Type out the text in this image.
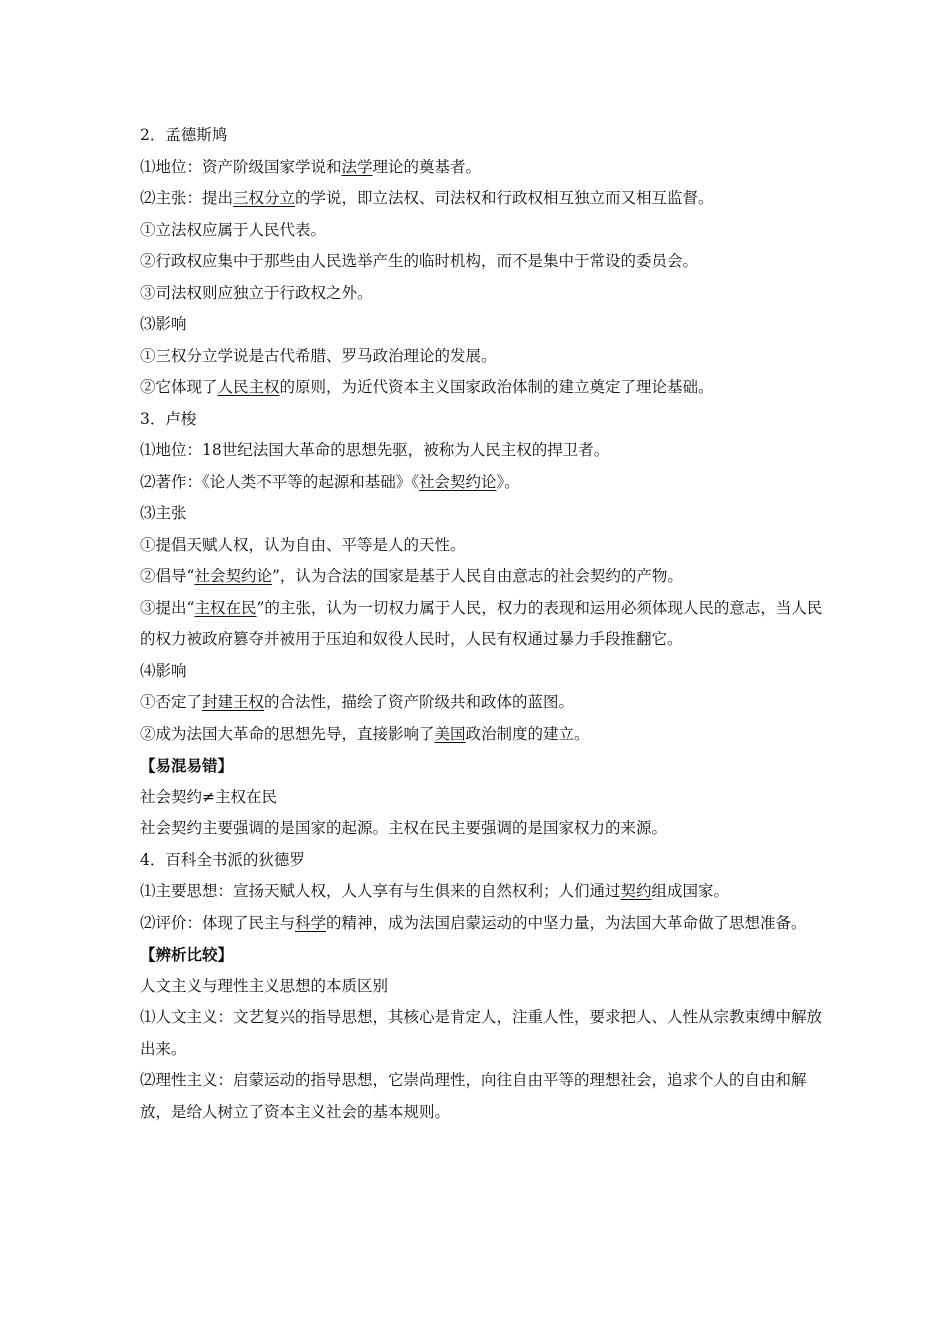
2．孟德斯鸠
⑴地位：资产阶级国家学说和法学理论的奠基者。
⑵主张：提出三权分立的学说，即立法权、司法权和行政权相互独立而又相互监督。
①立法权应属于人民代表。
②行政权应集中于那些由人民选举产生的临时机构，而不是集中于常设的委员会。
③司法权则应独立于行政权之外。
⑶影响
①三权分立学说是古代希腊、罗马政治理论的发展。
②它体现了人民主权的原则，为近代资本主义国家政治体制的建立奠定了理论基础。
3．卢梭
⑴地位：18世纪法国大革命的思想先驱，被称为人民主权的捍卫者。
⑵著作：《论人类不平等的起源和基础》《社会契约论》。
⑶主张
①提倡天赋人权，认为自由、平等是人的天性。
②倡导“社会契约论”，认为合法的国家是基于人民自由意志的社会契约的产物。
③提出“主权在民”的主张，认为一切权力属于人民，权力的表现和运用必须体现人民的意志，当人民的权力被政府篡夺并被用于压迫和奴役人民时，人民有权通过暴力手段推翻它。
⑷影响
①否定了封建王权的合法性，描绘了资产阶级共和政体的蓝图。
②成为法国大革命的思想先导，直接影响了美国政治制度的建立。
【易混易错】
社会契约≠主权在民
社会契约主要强调的是国家的起源。主权在民主要强调的是国家权力的来源。
4．百科全书派的狄德罗
⑴主要思想：宣扬天赋人权，人人享有与生俱来的自然权利；人们通过契约组成国家。
⑵评价：体现了民主与科学的精神，成为法国启蒙运动的中坚力量，为法国大革命做了思想准备。
【辨析比较】
人文主义与理性主义思想的本质区别
⑴人文主义：文艺复兴的指导思想，其核心是肯定人，注重人性，要求把人、人性从宗教束缚中解放出来。
⑵理性主义：启蒙运动的指导思想，它崇尚理性，向往自由平等的理想社会，追求个人的自由和解放，是给人树立了资本主义社会的基本规则。
